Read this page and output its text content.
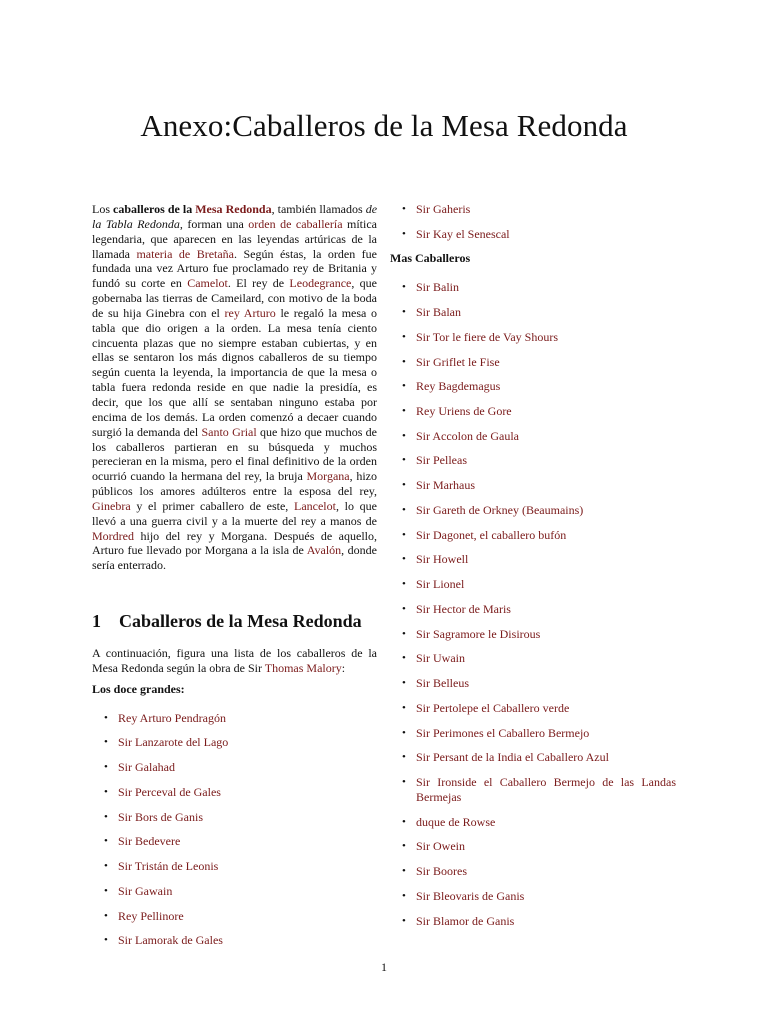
Anexo:Caballeros de la Mesa Redonda

Los caballeros de la Mesa Redonda, también llamados de la Tabla Redonda, forman una orden de caballería mítica legendaria, que aparecen en las leyendas artúricas de la llamada materia de Bretaña. Según éstas, la orden fue fundada una vez Arturo fue proclamado rey de Britania y fundó su corte en Camelot. El rey de Leodegrance, que gobernaba las tierras de Cameilard, con motivo de la boda de su hija Ginebra con el rey Arturo le regaló la mesa o tabla que dio origen a la orden. La mesa tenía ciento cincuenta plazas que no siempre estaban cubiertas, y en ellas se sentaron los más dignos caballeros de su tiempo según cuenta la leyenda, la importancia de que la mesa o tabla fuera redonda reside en que nadie la presidía, es decir, que los que allí se sentaban ninguno estaba por encima de los demás. La orden comenzó a decaer cuando surgió la demanda del Santo Grial que hizo que muchos de los caballeros partieran en su búsqueda y muchos perecieran en la misma, pero el final definitivo de la orden ocurrió cuando la hermana del rey, la bruja Morgana, hizo públicos los amores adúlteros entre la esposa del rey, Ginebra y el primer caballero de este, Lancelot, lo que llevó a una guerra civil y a la muerte del rey a manos de Mordred hijo del rey y Morgana. Después de aquello, Arturo fue llevado por Morgana a la isla de Avalón, donde sería enterrado.

1 Caballeros de la Mesa Redonda

A continuación, figura una lista de los caballeros de la Mesa Redonda según la obra de Sir Thomas Malory:

Los doce grandes:

• Rey Arturo Pendragón
• Sir Lanzarote del Lago
• Sir Galahad
• Sir Perceval de Gales
• Sir Bors de Ganis
• Sir Bedevere
• Sir Tristán de Leonis
• Sir Gawain
• Rey Pellinore
• Sir Lamorak de Gales
• Sir Gaheris
• Sir Kay el Senescal

Mas Caballeros

• Sir Balin
• Sir Balan
• Sir Tor le fiere de Vay Shours
• Sir Griflet le Fise
• Rey Bagdemagus
• Rey Uriens de Gore
• Sir Accolon de Gaula
• Sir Pelleas
• Sir Marhaus
• Sir Gareth de Orkney (Beaumains)
• Sir Dagonet, el caballero bufón
• Sir Howell
• Sir Lionel
• Sir Hector de Maris
• Sir Sagramore le Disirous
• Sir Uwain
• Sir Belleus
• Sir Pertolepe el Caballero verde
• Sir Perimones el Caballero Bermejo
• Sir Persant de la India el Caballero Azul
• Sir Ironside el Caballero Bermejo de las Landas Bermejas
• duque de Rowse
• Sir Owein
• Sir Boores
• Sir Bleovaris de Ganis
• Sir Blamor de Ganis
1
